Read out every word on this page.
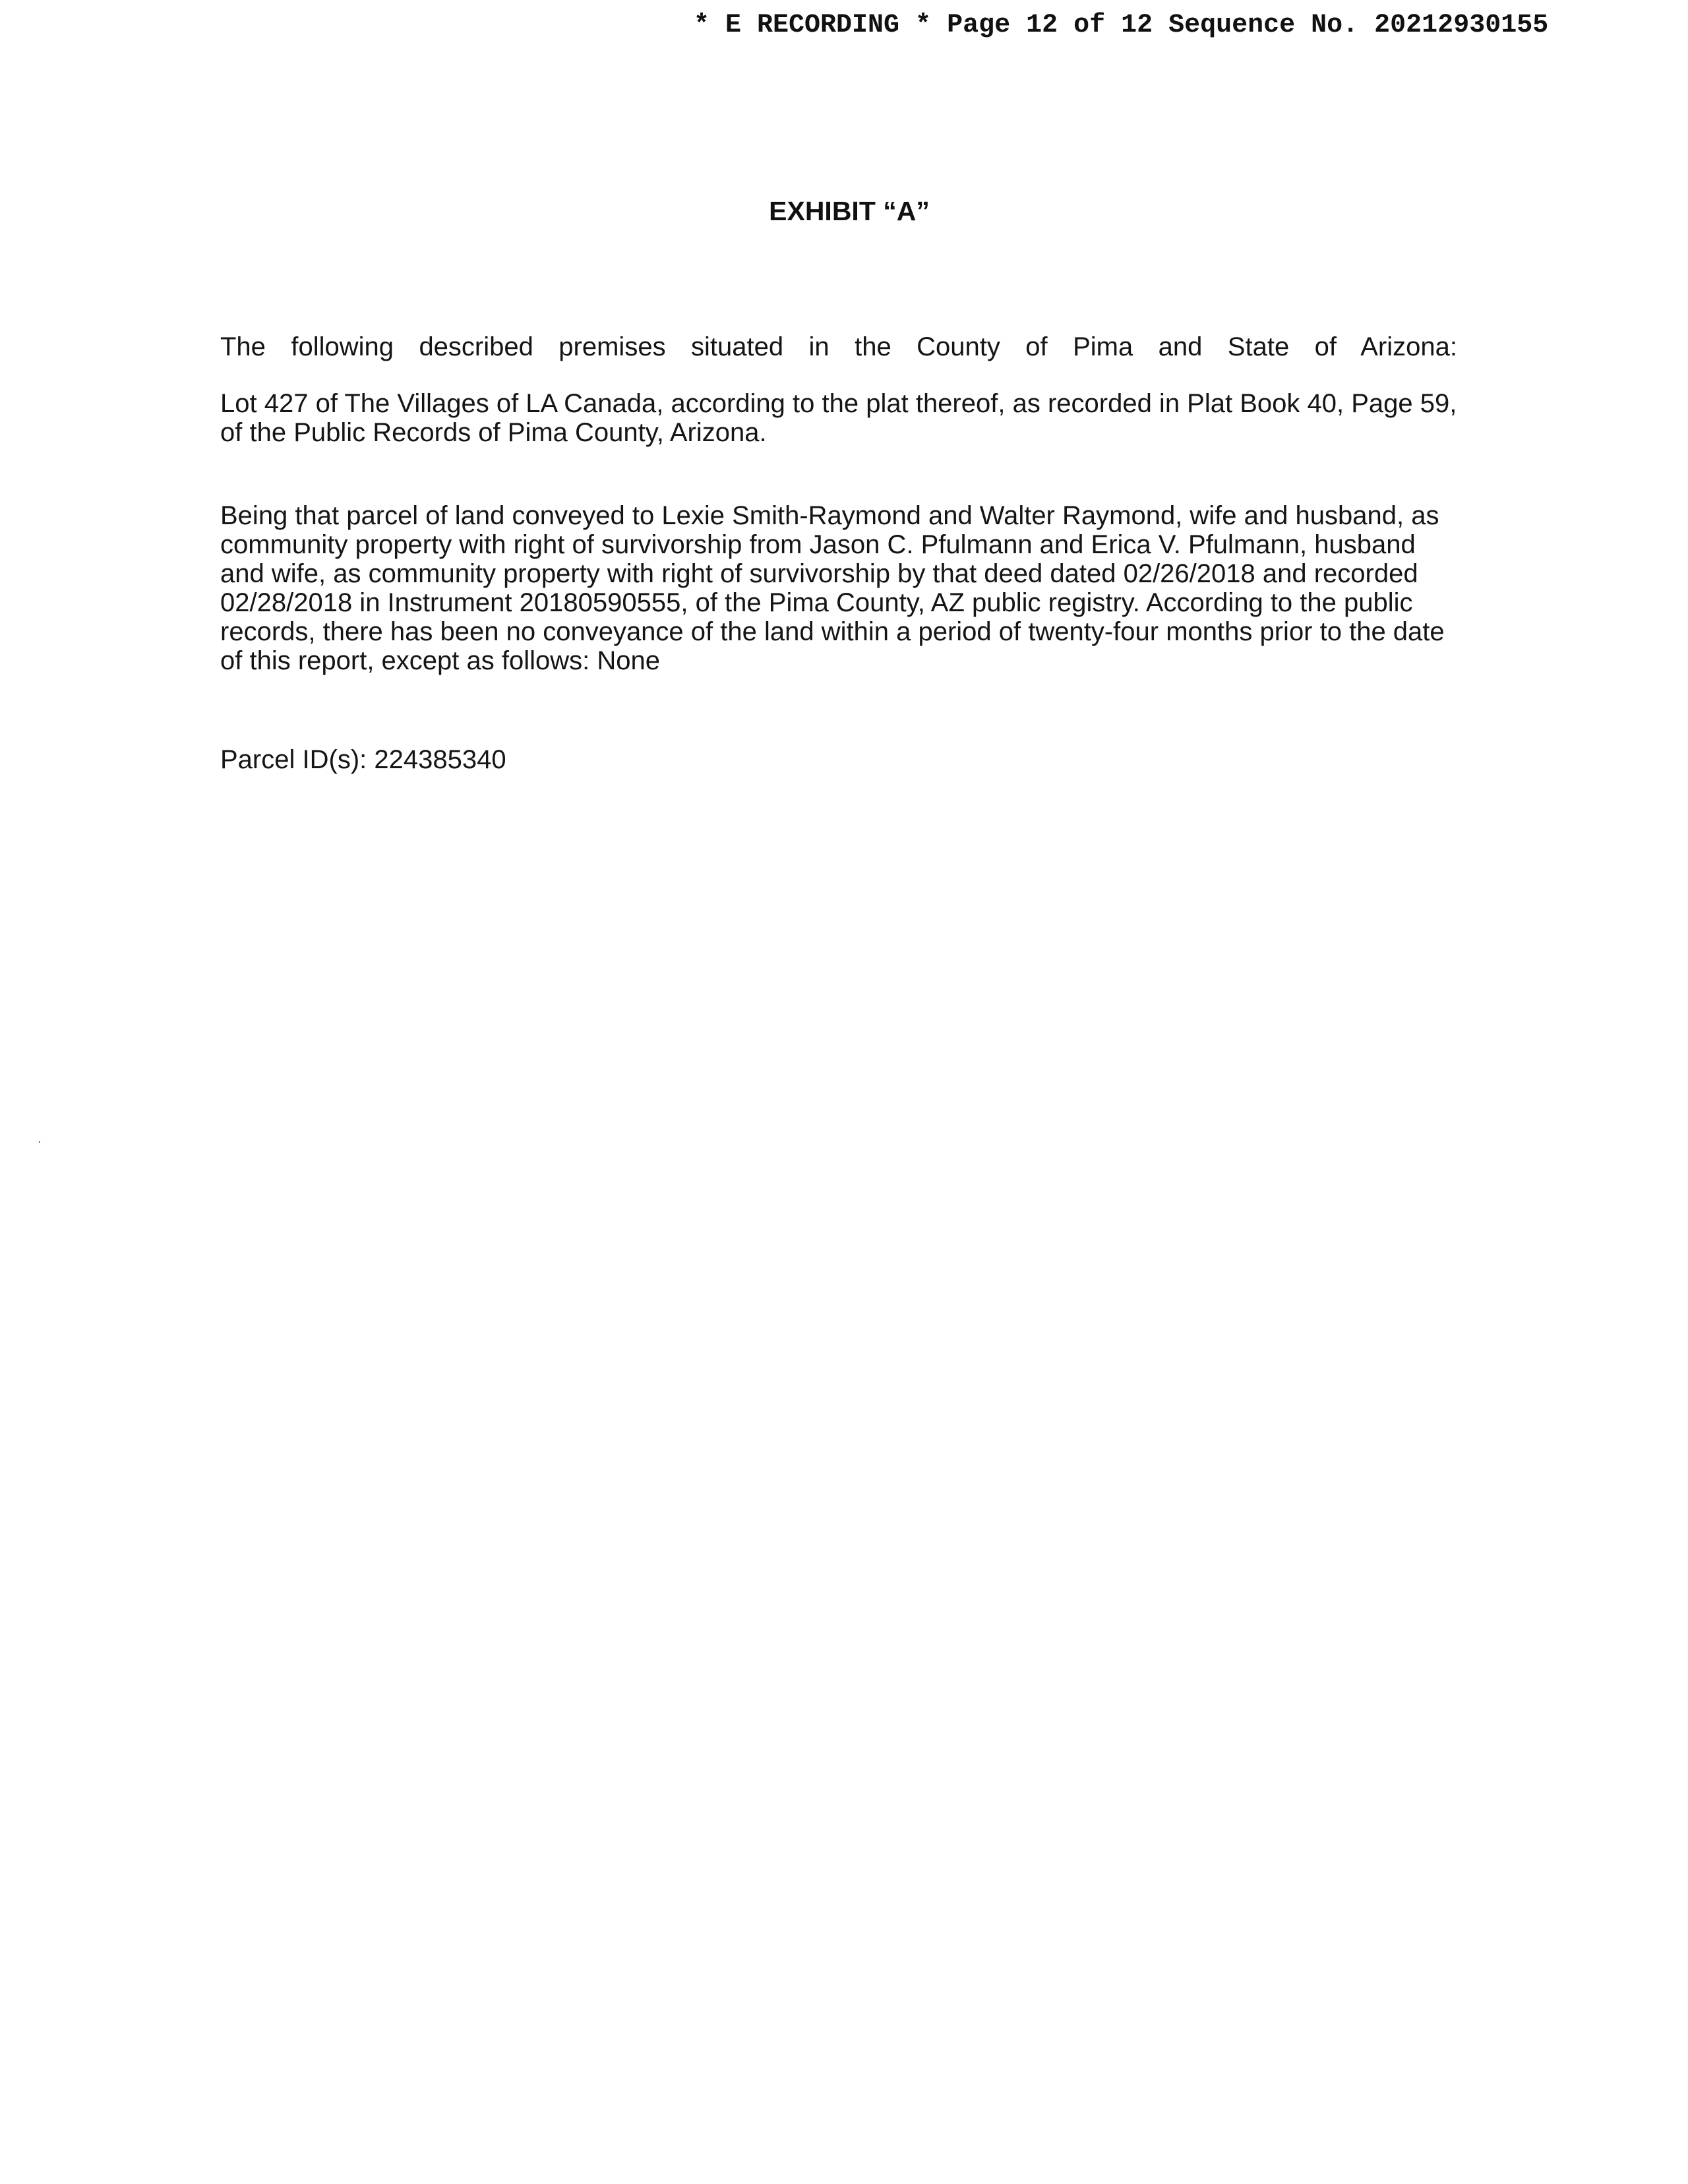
* E RECORDING * Page 12 of 12 Sequence No. 20212930155
EXHIBIT “A”
The following described premises situated in the County of Pima and State of Arizona:
Lot 427 of The Villages of LA Canada, according to the plat thereof, as recorded in Plat Book 40, Page 59, of the Public Records of Pima County, Arizona.
Being that parcel of land conveyed to Lexie Smith-Raymond and Walter Raymond, wife and husband, as
community property with right of survivorship from Jason C. Pfulmann and Erica V. Pfulmann, husband
and wife, as community property with right of survivorship by that deed dated 02/26/2018 and recorded
02/28/2018 in Instrument 20180590555, of the Pima County, AZ public registry. According to the public
records, there has been no conveyance of the land within a period of twenty-four months prior to the date
of this report, except as follows: None
Parcel ID(s): 224385340
